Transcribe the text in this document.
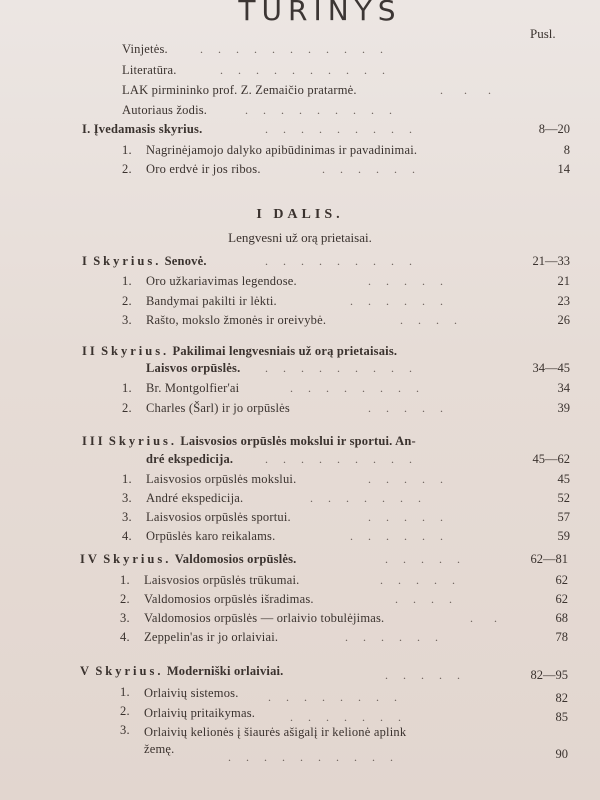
TURINYS
Pusl.
Vinjetės.	.     .     .     .     .     .     .     .     .     .     .
Literatūra.	.     .     .     .     .     .     .     .     .     .
LAK pirmininko prof. Z. Zemaičio pratarmė.	.       .       .
Autoriaus žodis.	.     .     .     .     .     .     .     .     .
I. Įvedamasis skyrius.	.     .     .     .     .     .     .     .     .	8—20
1. Nagrinėjamojo dalyko apibūdinimas ir pavadinimai.	8
2. Oro erdvė ir jos ribos.	.     .     .     .     .     .	14
I DALIS.
Lengvesni už orą prietaisai.
I Skyrius. Senovė.	.     .     .     .     .     .     .     .     .	21—33
1. Oro užkariavimas legendose.	.     .     .     .     .	21
2. Bandymai pakilti ir lėkti.	.     .     .     .     .     .	23
3. Rašto, mokslo žmonės ir oreivybė.	.     .     .     .	26
II Skyrius. Pakilimai lengvesniais už orą prietaisais.
Laisvos orpūslės. .     .     .     .     .     .     .     .     .	34—45
1. Br. Montgolfier'ai	.     .     .     .     .     .     .     .	34
2. Charles (Šarl) ir jo orpūslės	.     .     .     .     .	39
III Skyrius. Laisvosios orpūslės mokslui ir sportui. An-
dré ekspedicija.	.     .     .     .     .     .     .     .     .	45—62
1. Laisvosios orpūslės mokslui.	.     .     .     .     .	45
3. André ekspedicija.	.     .     .     .     .     .     .	52
3. Laisvosios orpūslės sportui.	.     .     .     .     .	57
4. Orpūslės karo reikalams.	.     .     .     .     .     .	59
IV Skyrius. Valdomosios orpūslės.	.     .     .     .     .	62—81
1. Laisvosios orpūslės trūkumai.	.     .     .     .     .	62
2. Valdomosios orpūslės išradimas.	.     .     .     .	62
3. Valdomosios orpūslės — orlaivio tobulėjimas.	.       .	68
4. Zeppelin'as ir jo orlaiviai.	.     .     .     .     .     .	78
V Skyrius. Moderniški orlaiviai.	.     .     .     .     .	82—95
1. Orlaivių sistemos. .     .     .     .     .     .     .     .	82
2. Orlaivių pritaikymas.	.     .     .     .     .     .     .	85
3. Orlaivių kelionės į šiaurės ašigalį ir kelionė aplink
žemę.
.     .     .     .     .     .     .     .     .     .	90
